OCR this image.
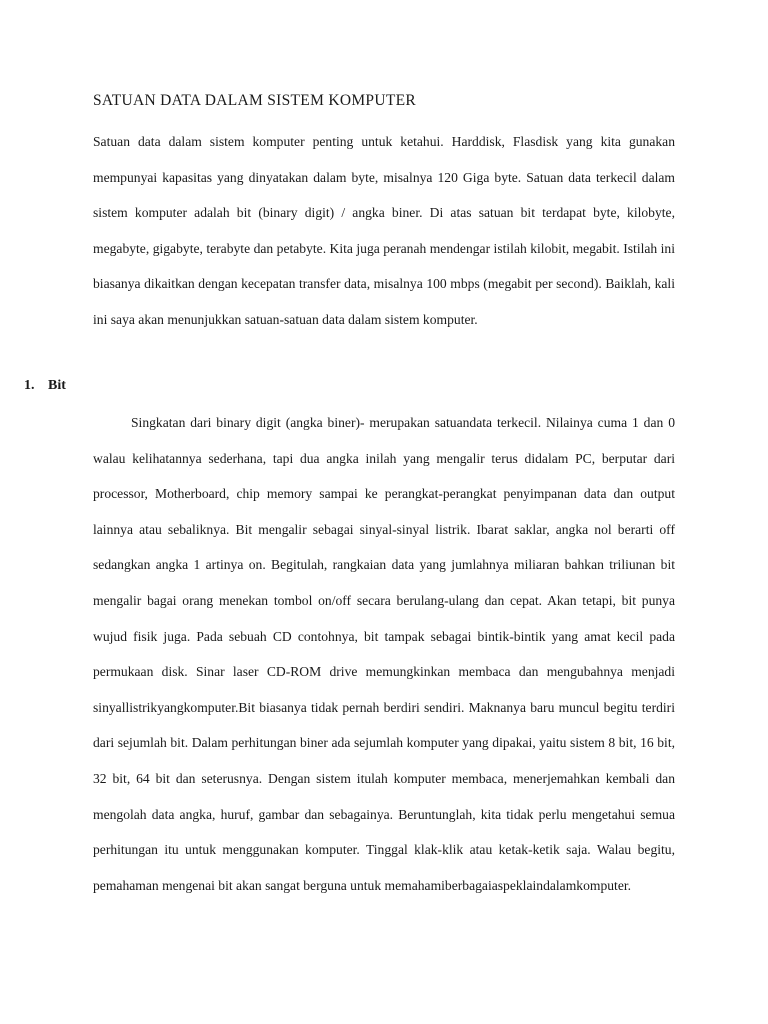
SATUAN DATA DALAM SISTEM KOMPUTER

Satuan data dalam sistem komputer penting untuk ketahui. Harddisk, Flasdisk yang kita gunakan mempunyai kapasitas yang dinyatakan dalam byte, misalnya 120 Giga byte. Satuan data terkecil dalam sistem komputer adalah bit (binary digit) / angka biner. Di atas satuan bit terdapat byte, kilobyte, megabyte, gigabyte, terabyte dan petabyte. Kita juga peranah mendengar istilah kilobit, megabit. Istilah ini biasanya dikaitkan dengan kecepatan transfer data, misalnya 100 mbps (megabit per second). Baiklah, kali ini saya akan menunjukkan satuan-satuan data dalam sistem komputer.

1. Bit

Singkatan dari binary digit (angka biner)- merupakan satuandata terkecil. Nilainya cuma 1 dan 0 walau kelihatannya sederhana, tapi dua angka inilah yang mengalir terus didalam PC, berputar dari processor, Motherboard, chip memory sampai ke perangkat-perangkat penyimpanan data dan output lainnya atau sebaliknya. Bit mengalir sebagai sinyal-sinyal listrik. Ibarat saklar, angka nol berarti off sedangkan angka 1 artinya on. Begitulah, rangkaian data yang jumlahnya miliaran bahkan triliunan bit mengalir bagai orang menekan tombol on/off secara berulang-ulang dan cepat. Akan tetapi, bit punya wujud fisik juga. Pada sebuah CD contohnya, bit tampak sebagai bintik-bintik yang amat kecil pada permukaan disk. Sinar laser CD-ROM drive memungkinkan membaca dan mengubahnya menjadi sinyallistrikyangkomputer.Bit biasanya tidak pernah berdiri sendiri. Maknanya baru muncul begitu terdiri dari sejumlah bit. Dalam perhitungan biner ada sejumlah komputer yang dipakai, yaitu sistem 8 bit, 16 bit, 32 bit, 64 bit dan seterusnya. Dengan sistem itulah komputer membaca, menerjemahkan kembali dan mengolah data angka, huruf, gambar dan sebagainya. Beruntunglah, kita tidak perlu mengetahui semua perhitungan itu untuk menggunakan komputer. Tinggal klak-klik atau ketak-ketik saja. Walau begitu, pemahaman mengenai bit akan sangat berguna untuk memahamiberbagaiaspeklaindalamkomputer.
